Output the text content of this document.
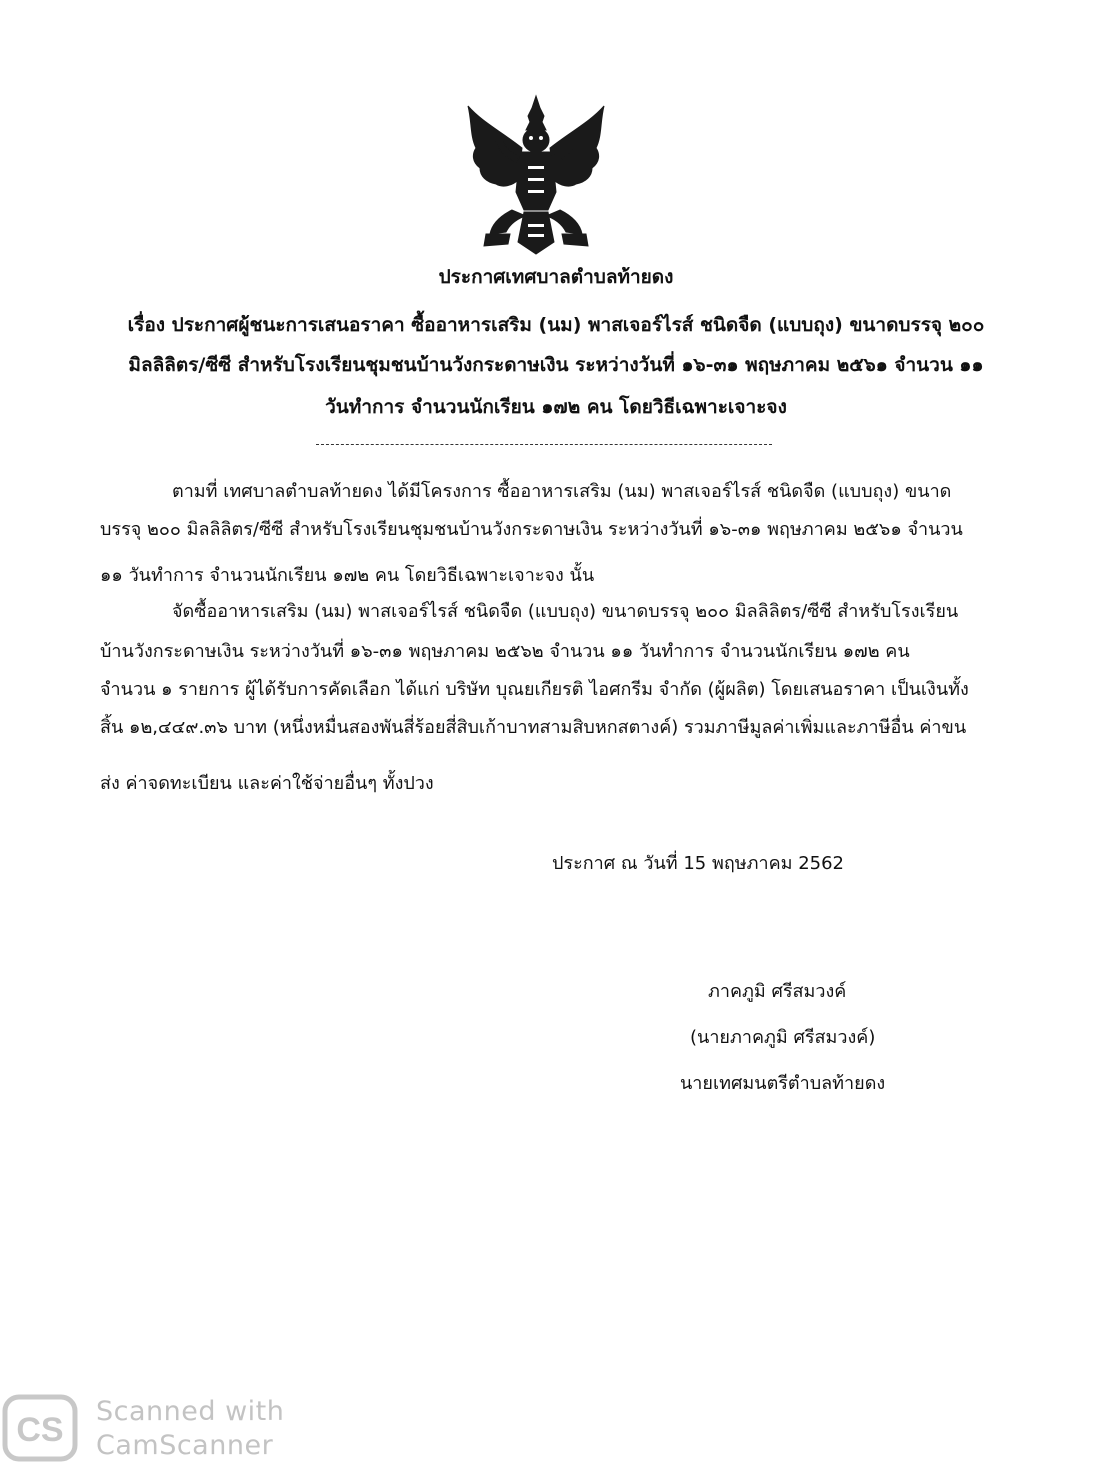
ประกาศเทศบาลตำบลท้ายดง
เรื่อง ประกาศผู้ชนะการเสนอราคา ซื้ออาหารเสริม (นม) พาสเจอร์ไรส์ ชนิดจืด (แบบถุง) ขนาดบรรจุ ๒๐๐
มิลลิลิตร/ซีซี สำหรับโรงเรียนชุมชนบ้านวังกระดาษเงิน ระหว่างวันที่ ๑๖-๓๑ พฤษภาคม ๒๕๖๑ จำนวน ๑๑
วันทำการ จำนวนนักเรียน ๑๗๒ คน โดยวิธีเฉพาะเจาะจง
ตามที่ เทศบาลตำบลท้ายดง ได้มีโครงการ ซื้ออาหารเสริม (นม) พาสเจอร์ไรส์ ชนิดจืด (แบบถุง) ขนาด
บรรจุ ๒๐๐ มิลลิลิตร/ซีซี สำหรับโรงเรียนชุมชนบ้านวังกระดาษเงิน ระหว่างวันที่ ๑๖-๓๑ พฤษภาคม ๒๕๖๑ จำนวน
๑๑ วันทำการ จำนวนนักเรียน ๑๗๒ คน โดยวิธีเฉพาะเจาะจง นั้น
จัดซื้ออาหารเสริม (นม) พาสเจอร์ไรส์ ชนิดจืด (แบบถุง) ขนาดบรรจุ ๒๐๐ มิลลิลิตร/ซีซี สำหรับโรงเรียน
บ้านวังกระดาษเงิน ระหว่างวันที่ ๑๖-๓๑ พฤษภาคม ๒๕๖๒ จำนวน ๑๑ วันทำการ จำนวนนักเรียน ๑๗๒ คน
จำนวน ๑ รายการ ผู้ได้รับการคัดเลือก ได้แก่ บริษัท บุณยเกียรติ ไอศกรีม จำกัด (ผู้ผลิต) โดยเสนอราคา เป็นเงินทั้ง
สิ้น ๑๒,๔๔๙.๓๖ บาท (หนึ่งหมื่นสองพันสี่ร้อยสี่สิบเก้าบาทสามสิบหกสตางค์) รวมภาษีมูลค่าเพิ่มและภาษีอื่น ค่าขน
ส่ง ค่าจดทะเบียน และค่าใช้จ่ายอื่นๆ ทั้งปวง
ประกาศ ณ วันที่ 15 พฤษภาคม 2562
ภาคภูมิ ศรีสมวงค์
(นายภาคภูมิ ศรีสมวงค์)
นายเทศมนตรีตำบลท้ายดง
CS Scanned with
CamScanner
